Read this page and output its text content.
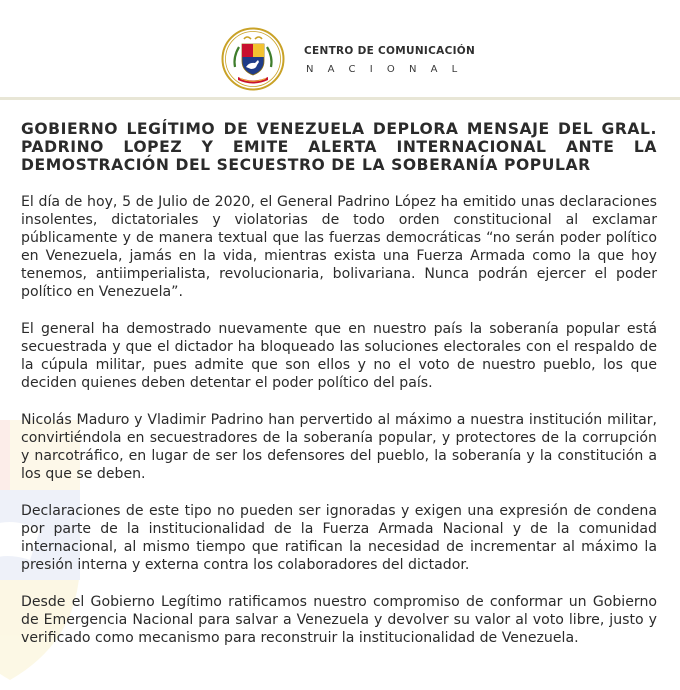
CENTRO DE COMUNICACIÓN
NACIONAL
GOBIERNO LEGÍTIMO DE VENEZUELA DEPLORA MENSAJE DEL GRAL. PADRINO LOPEZ Y EMITE ALERTA INTERNACIONAL ANTE LA DEMOSTRACIÓN DEL SECUESTRO DE LA SOBERANÍA POPULAR

El día de hoy, 5 de Julio de 2020, el General Padrino López ha emitido unas declaraciones insolentes, dictatoriales y violatorias de todo orden constitucional al exclamar públicamente y de manera textual que las fuerzas democráticas “no serán poder político en Venezuela, jamás en la vida, mientras exista una Fuerza Armada como la que hoy tenemos, antiimperialista, revolucionaria, bolivariana. Nunca podrán ejercer el poder político en Venezuela”.

El general ha demostrado nuevamente que en nuestro país la soberanía popular está secuestrada y que el dictador ha bloqueado las soluciones electorales con el respaldo de la cúpula militar, pues admite que son ellos y no el voto de nuestro pueblo, los que deciden quienes deben detentar el poder político del país.

Nicolás Maduro y Vladimir Padrino han pervertido al máximo a nuestra institución militar, convirtiéndola en secuestradores de la soberanía popular, y protectores de la corrupción y narcotráfico, en lugar de ser los defensores del pueblo, la soberanía y la constitución a los que se deben.

Declaraciones de este tipo no pueden ser ignoradas y exigen una expresión de condena por parte de la institucionalidad de la Fuerza Armada Nacional y de la comunidad internacional, al mismo tiempo que ratifican la necesidad de incrementar al máximo la presión interna y externa contra los colaboradores del dictador.

Desde el Gobierno Legítimo ratificamos nuestro compromiso de conformar un Gobierno de Emergencia Nacional para salvar a Venezuela y devolver su valor al voto libre, justo y verificado como mecanismo para reconstruir la institucionalidad de Venezuela.
